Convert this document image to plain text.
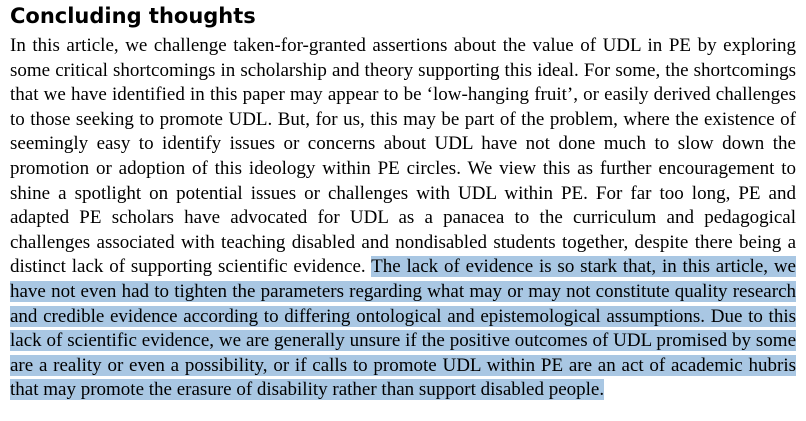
Concluding thoughts

In this article, we challenge taken-for-granted assertions about the value of UDL in PE by exploring some critical shortcomings in scholarship and theory supporting this ideal. For some, the shortcomings that we have identified in this paper may appear to be ‘low-hanging fruit’, or easily derived challenges to those seeking to promote UDL. But, for us, this may be part of the problem, where the existence of seemingly easy to identify issues or concerns about UDL have not done much to slow down the promotion or adoption of this ideology within PE circles. We view this as further encouragement to shine a spotlight on potential issues or challenges with UDL within PE. For far too long, PE and adapted PE scholars have advocated for UDL as a panacea to the curriculum and pedagogical challenges associated with teaching disabled and nondisabled students together, despite there being a distinct lack of supporting scientific evidence. The lack of evidence is so stark that, in this article, we have not even had to tighten the parameters regarding what may or may not constitute quality research and credible evidence according to differing ontological and epistemological assumptions. Due to this lack of scientific evidence, we are generally unsure if the positive outcomes of UDL promised by some are a reality or even a possibility, or if calls to promote UDL within PE are an act of academic hubris that may promote the erasure of disability rather than support disabled people.
